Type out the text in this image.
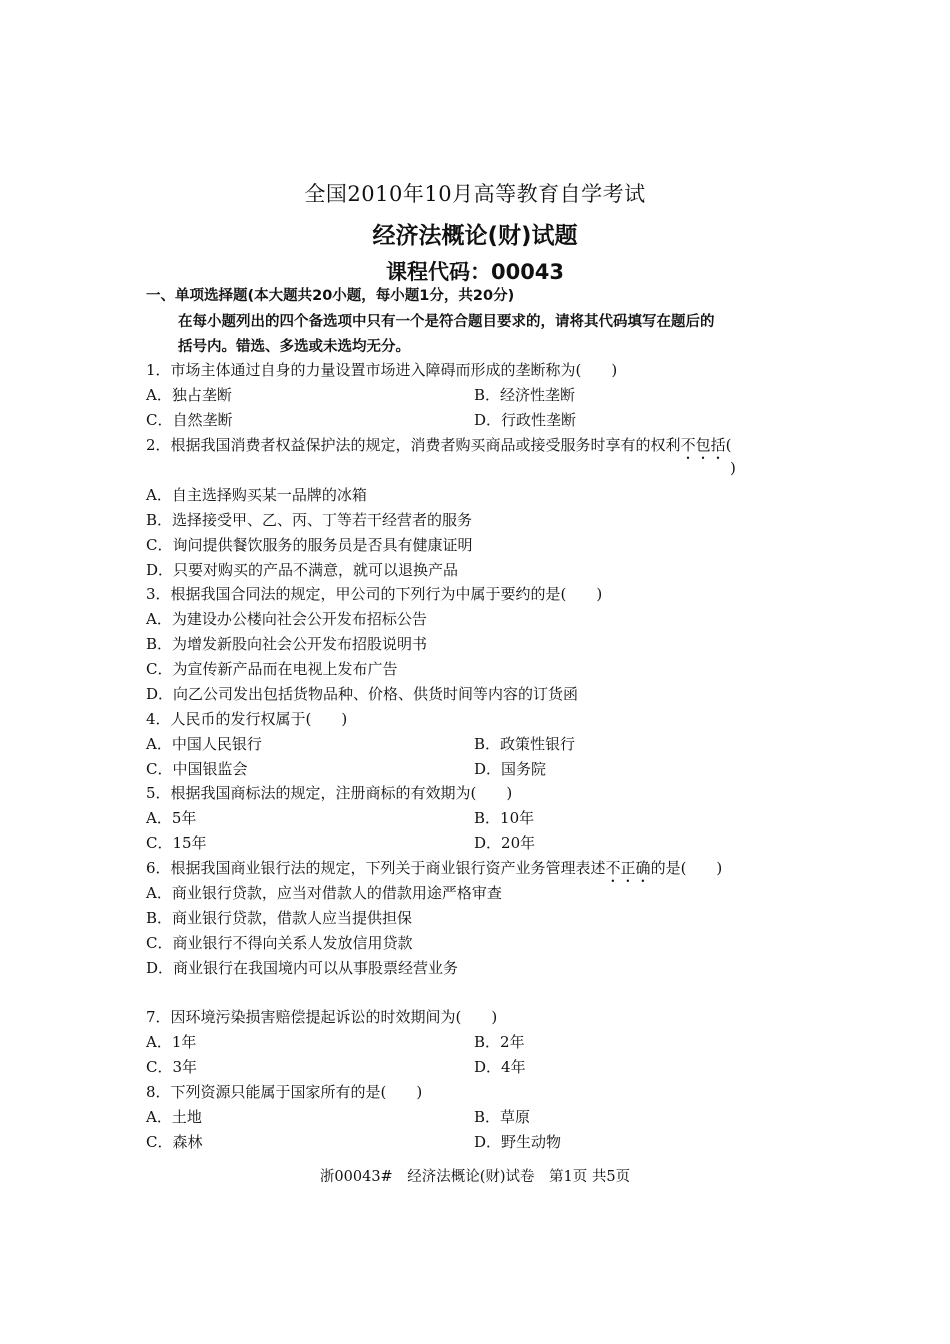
全国2010年10月高等教育自学考试
经济法概论(财)试题
课程代码：00043
一、单项选择题(本大题共20小题，每小题1分，共20分)
在每小题列出的四个备选项中只有一个是符合题目要求的，请将其代码填写在题后的
括号内。错选、多选或未选均无分。
1．市场主体通过自身的力量设置市场进入障碍而形成的垄断称为(　　)
A．独占垄断	B．经济性垄断
C．自然垄断	D．行政性垄断
2．根据我国消费者权益保护法的规定，消费者购买商品或接受服务时享有的权利不包括(
)
A．自主选择购买某一品牌的冰箱
B．选择接受甲、乙、丙、丁等若干经营者的服务
C．询问提供餐饮服务的服务员是否具有健康证明
D．只要对购买的产品不满意，就可以退换产品
3．根据我国合同法的规定，甲公司的下列行为中属于要约的是(　　)
A．为建设办公楼向社会公开发布招标公告
B．为增发新股向社会公开发布招股说明书
C．为宣传新产品而在电视上发布广告
D．向乙公司发出包括货物品种、价格、供货时间等内容的订货函
4．人民币的发行权属于(　　)
A．中国人民银行	B．政策性银行
C．中国银监会	D．国务院
5．根据我国商标法的规定，注册商标的有效期为(　　)
A．5年	B．10年
C．15年	D．20年
6．根据我国商业银行法的规定，下列关于商业银行资产业务管理表述不正确的是(　　)
A．商业银行贷款，应当对借款人的借款用途严格审查
B．商业银行贷款，借款人应当提供担保
C．商业银行不得向关系人发放信用贷款
D．商业银行在我国境内可以从事股票经营业务
7．因环境污染损害赔偿提起诉讼的时效期间为(　　)
A．1年	B．2年
C．3年	D．4年
8．下列资源只能属于国家所有的是(　　)
A．土地	B．草原
C．森林	D．野生动物
浙00043#　经济法概论(财)试卷　第1页 共5页
